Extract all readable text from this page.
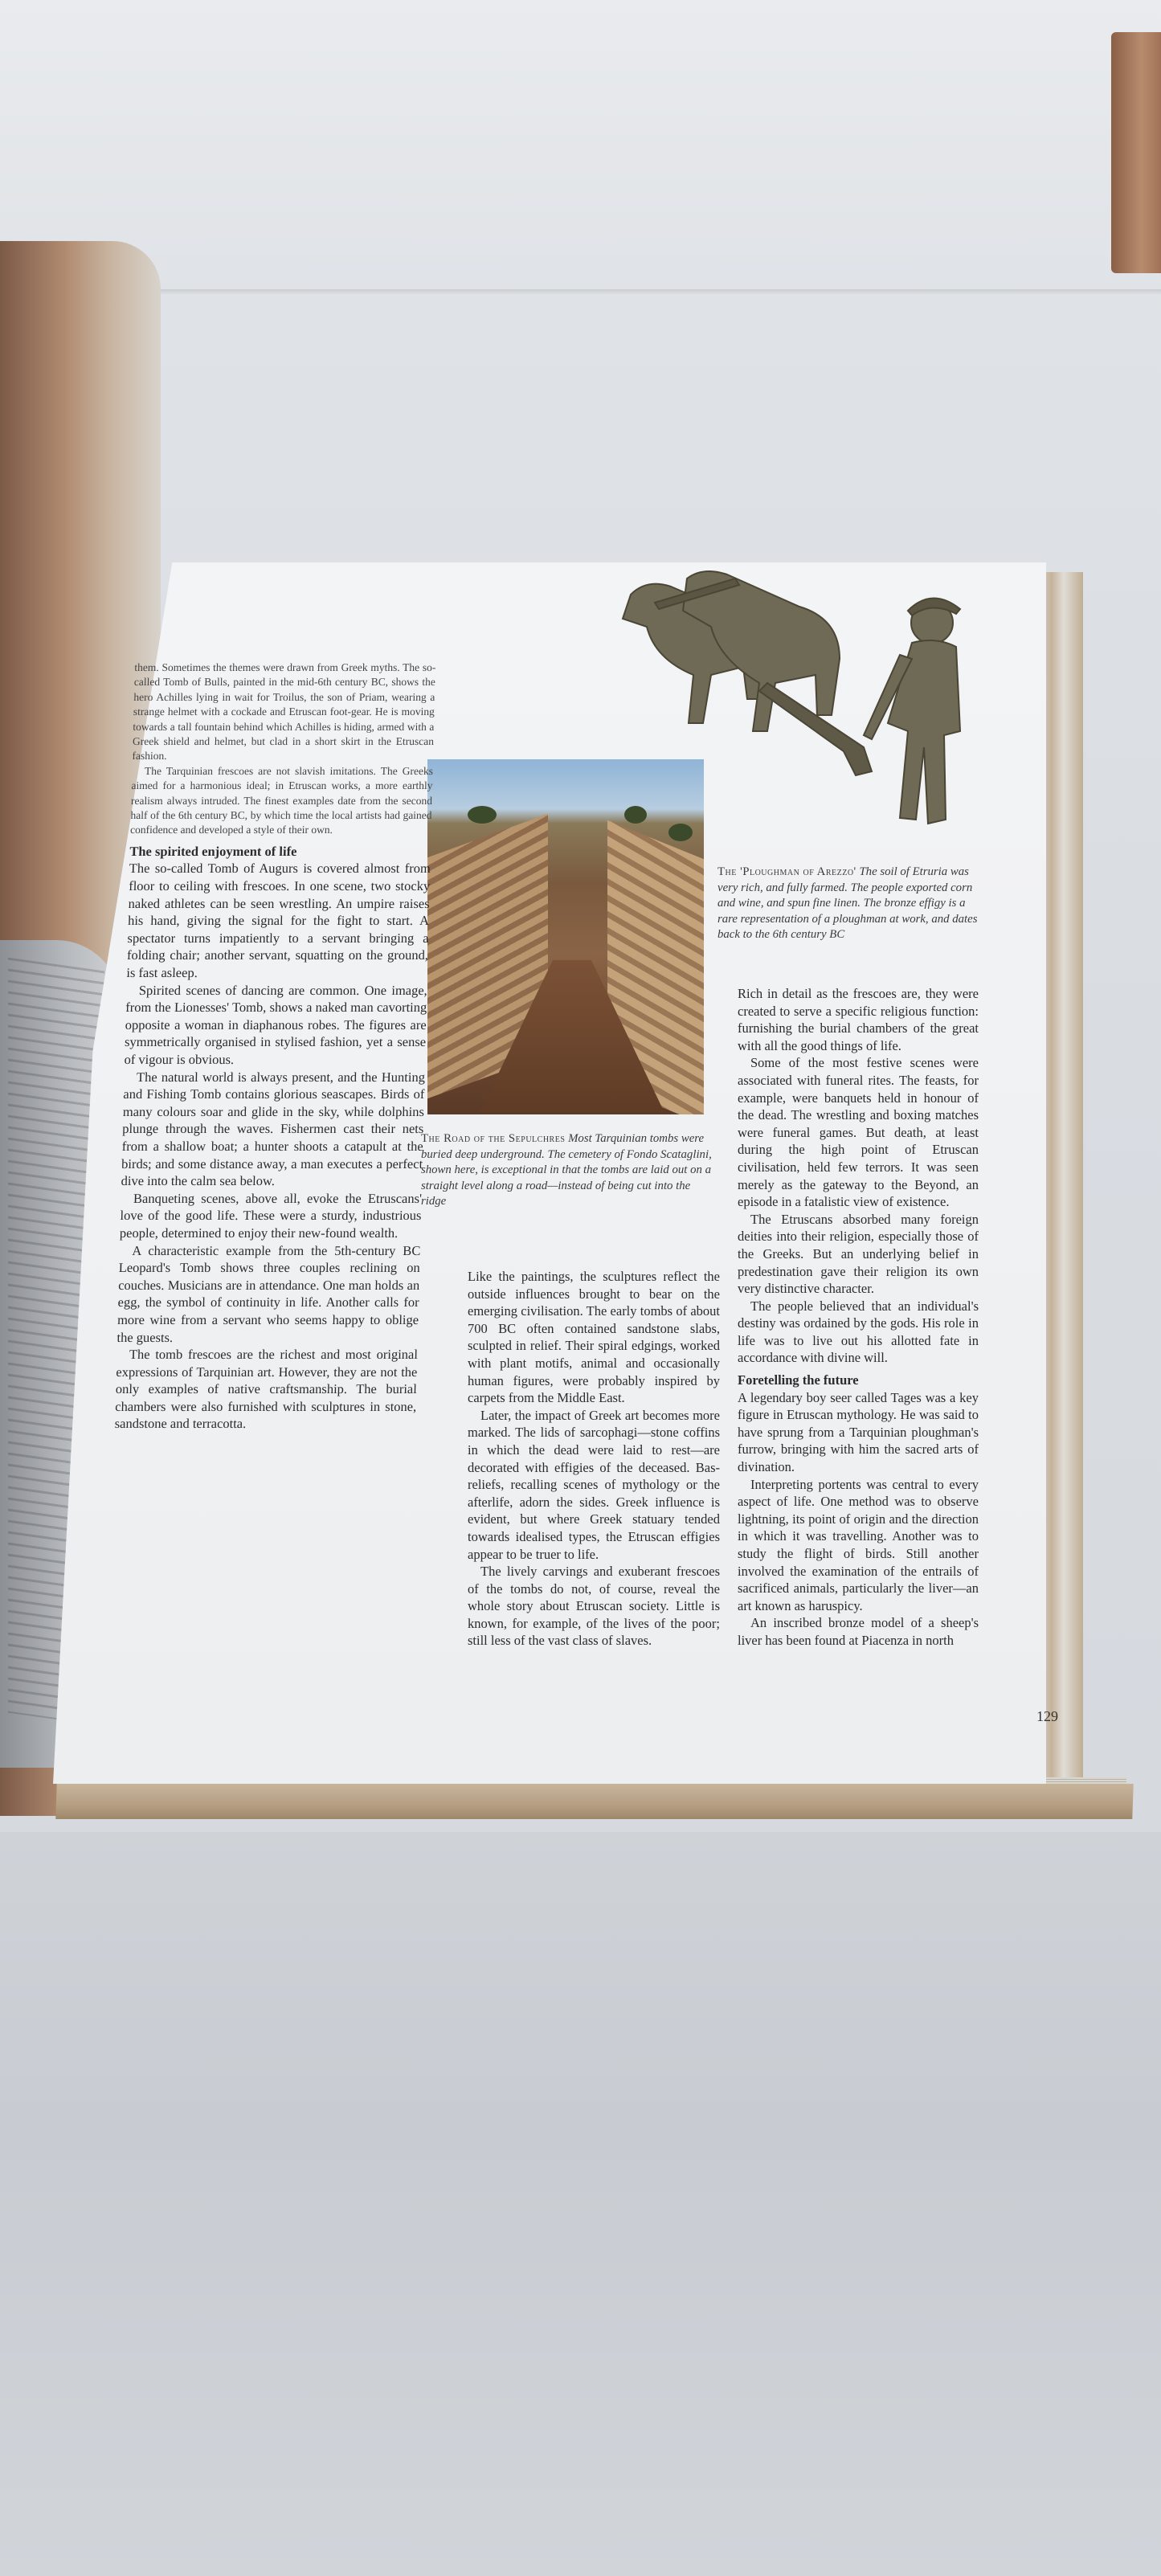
them. Sometimes the themes were drawn from Greek myths. The so-called Tomb of Bulls, painted in the mid-6th century BC, shows the hero Achilles lying in wait for Troilus, the son of Priam, wearing a strange helmet with a cockade and Etruscan foot-gear. He is moving towards a tall fountain behind which Achilles is hiding, armed with a Greek shield and helmet, but clad in a short skirt in the Etruscan fashion.

The Tarquinian frescoes are not slavish imitations. The Greeks aimed for a harmonious ideal; in Etruscan works, a more earthly realism always intruded. The finest examples date from the second half of the 6th century BC, by which time the local artists had gained confidence and developed a style of their own.

The spirited enjoyment of life

The so-called Tomb of Augurs is covered almost from floor to ceiling with frescoes. In one scene, two stocky naked athletes can be seen wrestling. An umpire raises his hand, giving the signal for the fight to start. A spectator turns impatiently to a servant bringing a folding chair; another servant, squatting on the ground, is fast asleep.

Spirited scenes of dancing are common. One image, from the Lionesses' Tomb, shows a naked man cavorting opposite a woman in diaphanous robes. The figures are symmetrically organised in stylised fashion, yet a sense of vigour is obvious.

The natural world is always present, and the Hunting and Fishing Tomb contains glorious seascapes. Birds of many colours soar and glide in the sky, while dolphins plunge through the waves. Fishermen cast their nets from a shallow boat; a hunter shoots a catapult at the birds; and some distance away, a man executes a perfect dive into the calm sea below.

Banqueting scenes, above all, evoke the Etruscans' love of the good life. These were a sturdy, industrious people, determined to enjoy their new-found wealth.

A characteristic example from the 5th-century BC Leopard's Tomb shows three couples reclining on couches. Musicians are in attendance. One man holds an egg, the symbol of continuity in life. Another calls for more wine from a servant who seems happy to oblige the guests.

The tomb frescoes are the richest and most original expressions of Tarquinian art. However, they are not the only examples of native craftsmanship. The burial chambers were also furnished with sculptures in stone, sandstone and terracotta.

The Road of the Sepulchres Most Tarquinian tombs were buried deep underground. The cemetery of Fondo Scataglini, shown here, is exceptional in that the tombs are laid out on a straight level along a road—instead of being cut into the ridge
The 'Ploughman of Arezzo' The soil of Etruria was very rich, and fully farmed. The people exported corn and wine, and spun fine linen. The bronze effigy is a rare representation of a ploughman at work, and dates back to the 6th century BC

Like the paintings, the sculptures reflect the outside influences brought to bear on the emerging civilisation. The early tombs of about 700 BC often contained sandstone slabs, sculpted in relief. Their spiral edgings, worked with plant motifs, animal and occasionally human figures, were probably inspired by carpets from the Middle East.

Later, the impact of Greek art becomes more marked. The lids of sarcophagi—stone coffins in which the dead were laid to rest—are decorated with effigies of the deceased. Bas-reliefs, recalling scenes of mythology or the afterlife, adorn the sides. Greek influence is evident, but where Greek statuary tended towards idealised types, the Etruscan effigies appear to be truer to life.

The lively carvings and exuberant frescoes of the tombs do not, of course, reveal the whole story about Etruscan society. Little is known, for example, of the lives of the poor; still less of the vast class of slaves.

Rich in detail as the frescoes are, they were created to serve a specific religious function: furnishing the burial chambers of the great with all the good things of life.

Some of the most festive scenes were associated with funeral rites. The feasts, for example, were banquets held in honour of the dead. The wrestling and boxing matches were funeral games. But death, at least during the high point of Etruscan civilisation, held few terrors. It was seen merely as the gateway to the Beyond, an episode in a fatalistic view of existence.

The Etruscans absorbed many foreign deities into their religion, especially those of the Greeks. But an underlying belief in predestination gave their religion its own very distinctive character.

The people believed that an individual's destiny was ordained by the gods. His role in life was to live out his allotted fate in accordance with divine will.

Foretelling the future

A legendary boy seer called Tages was a key figure in Etruscan mythology. He was said to have sprung from a Tarquinian ploughman's furrow, bringing with him the sacred arts of divination.

Interpreting portents was central to every aspect of life. One method was to observe lightning, its point of origin and the direction in which it was travelling. Another was to study the flight of birds. Still another involved the examination of the entrails of sacrificed animals, particularly the liver—an art known as haruspicy.

An inscribed bronze model of a sheep's liver has been found at Piacenza in north

129
